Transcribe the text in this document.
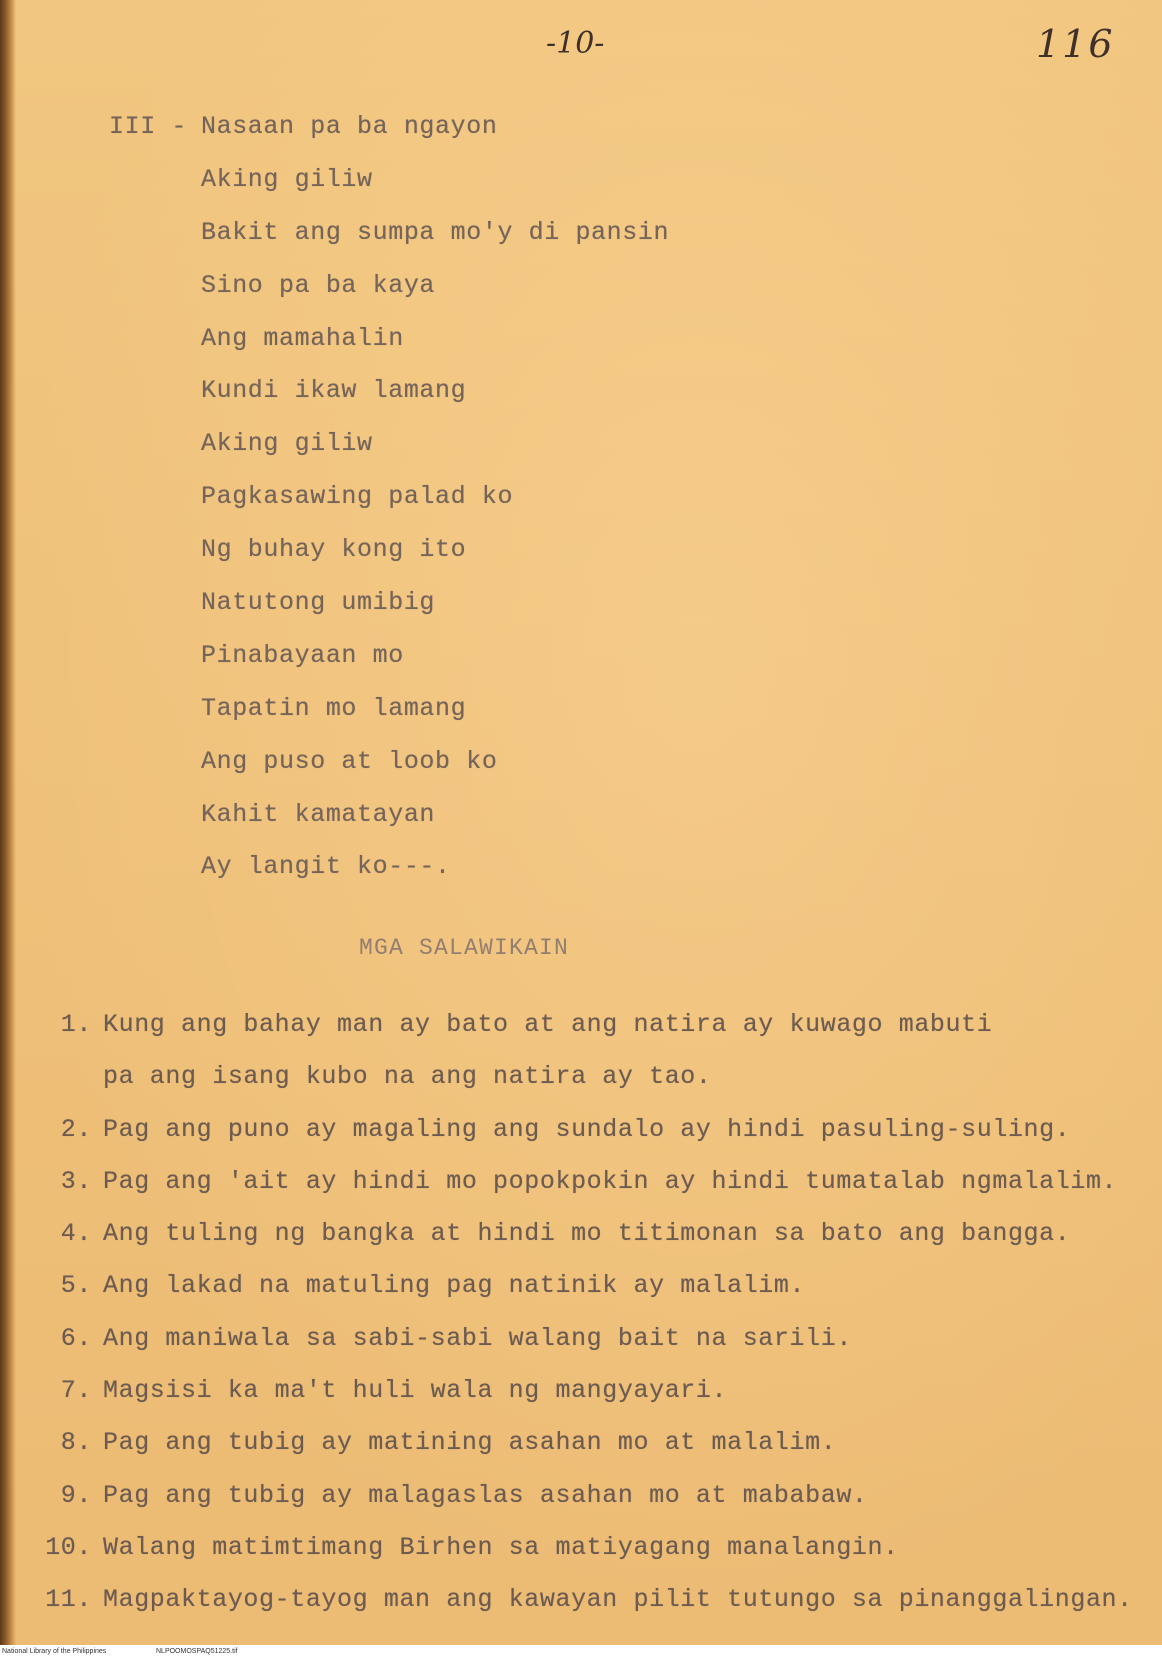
-10-	116
III - Nasaan pa ba ngayon
Aking giliw
Bakit ang sumpa mo'y di pansin
Sino pa ba kaya
Ang mamahalin
Kundi ikaw lamang
Aking giliw
Pagkasawing palad ko
Ng buhay kong ito
Natutong umibig
Pinabayaan mo
Tapatin mo lamang
Ang puso at loob ko
Kahit kamatayan
Ay langit ko---.
MGA SALAWIKAIN
1. Kung ang bahay man ay bato at ang natira ay kuwago mabuti
pa ang isang kubo na ang natira ay tao.
2. Pag ang puno ay magaling ang sundalo ay hindi pasuling-suling.
3. Pag ang 'ait ay hindi mo popokpokin ay hindi tumatalab ngmalalim.
4. Ang tuling ng bangka at hindi mo titimonan sa bato ang bangga.
5. Ang lakad na matuling pag natinik ay malalim.
6. Ang maniwala sa sabi-sabi walang bait na sarili.
7. Magsisi ka ma't huli wala ng mangyayari.
8. Pag ang tubig ay matining asahan mo at malalim.
9. Pag ang tubig ay malagaslas asahan mo at mababaw.
10. Walang matimtimang Birhen sa matiyagang manalangin.
11. Magpaktayog-tayog man ang kawayan pilit tutungo sa pinanggalingan.
National Library of the Philippines	NLPOOMOSPAQ51225.tif
